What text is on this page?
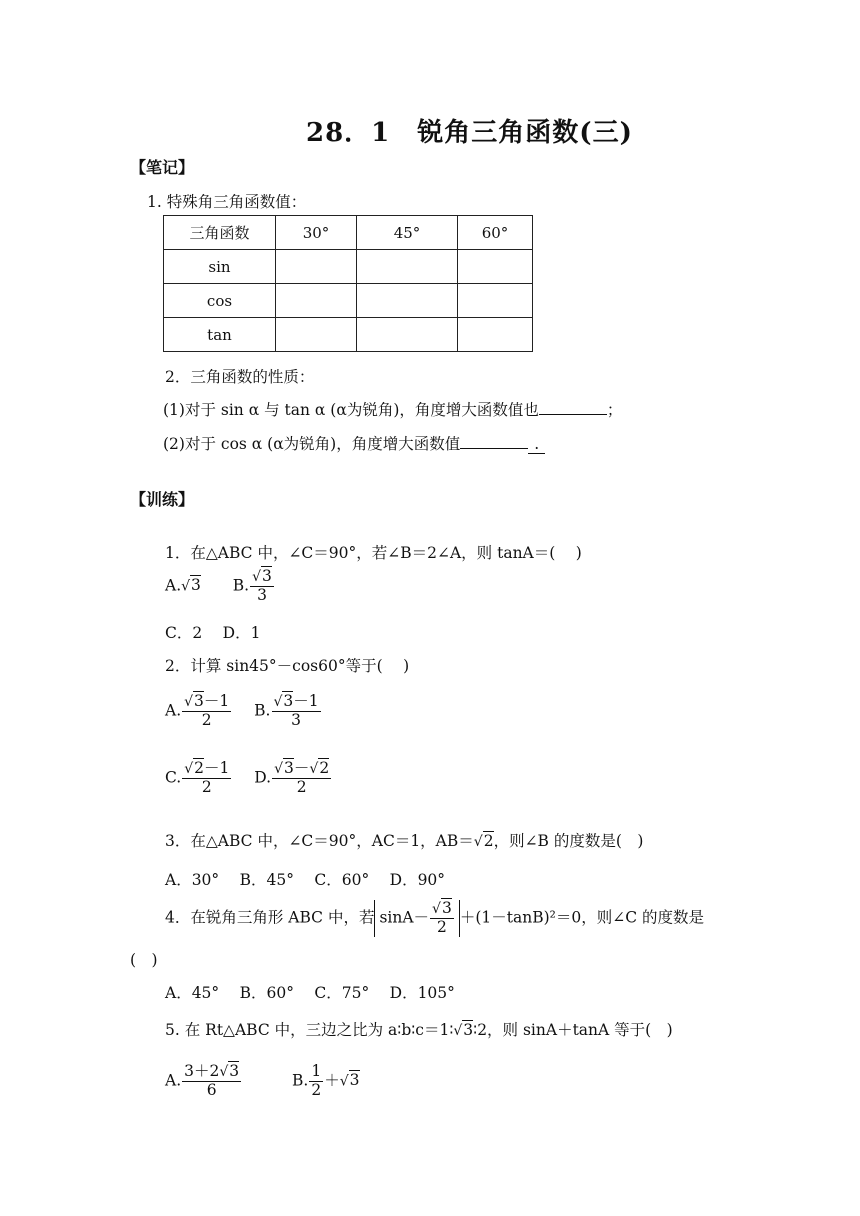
28．1　锐角三角函数(三)
【笔记】
1. 特殊角三角函数值：
三角函数	30°	45°	60°
sin			
cos			
tan			
2．三角函数的性质：
(1)对于 sin α 与 tan α (α为锐角)，角度增大函数值也	；
(2)对于 cos α (α为锐角)，角度增大函数值	.
【训练】
1．在△ABC 中，∠C＝90°，若∠B＝2∠A，则 tanA＝(　 )
A.√3 B. $\frac{√3}{3}$
C．2　 D．1
2．计算 sin45°－cos60°等于(　 )
A. $\frac{√3-1}{2} B$. $\frac{√3-1}{3}$
C. $\frac{√2-1}{2} D$. $\frac{√3-√2}{2}$
3．在△ABC 中，∠C＝90°，AC＝1，AB＝√2，则∠B 的度数是(　)
A．30°　 B．45°　 C．60°　 D．90°
4．在锐角三角形 ABC 中，若 $\sin A- \frac{√3}{2} +(1-\tan B)^2=0$，则∠C 的度数是
(　)
A．45°　 B．60°　 C．75°　 D．105°
5. 在 Rt△ABC 中，三边之比为 a∶b∶c＝1∶√3∶2，则 sinA＋tanA 等于(　)
A. $\frac{3+2√3}{6}$	B. $\frac{1}{2} +√3$
